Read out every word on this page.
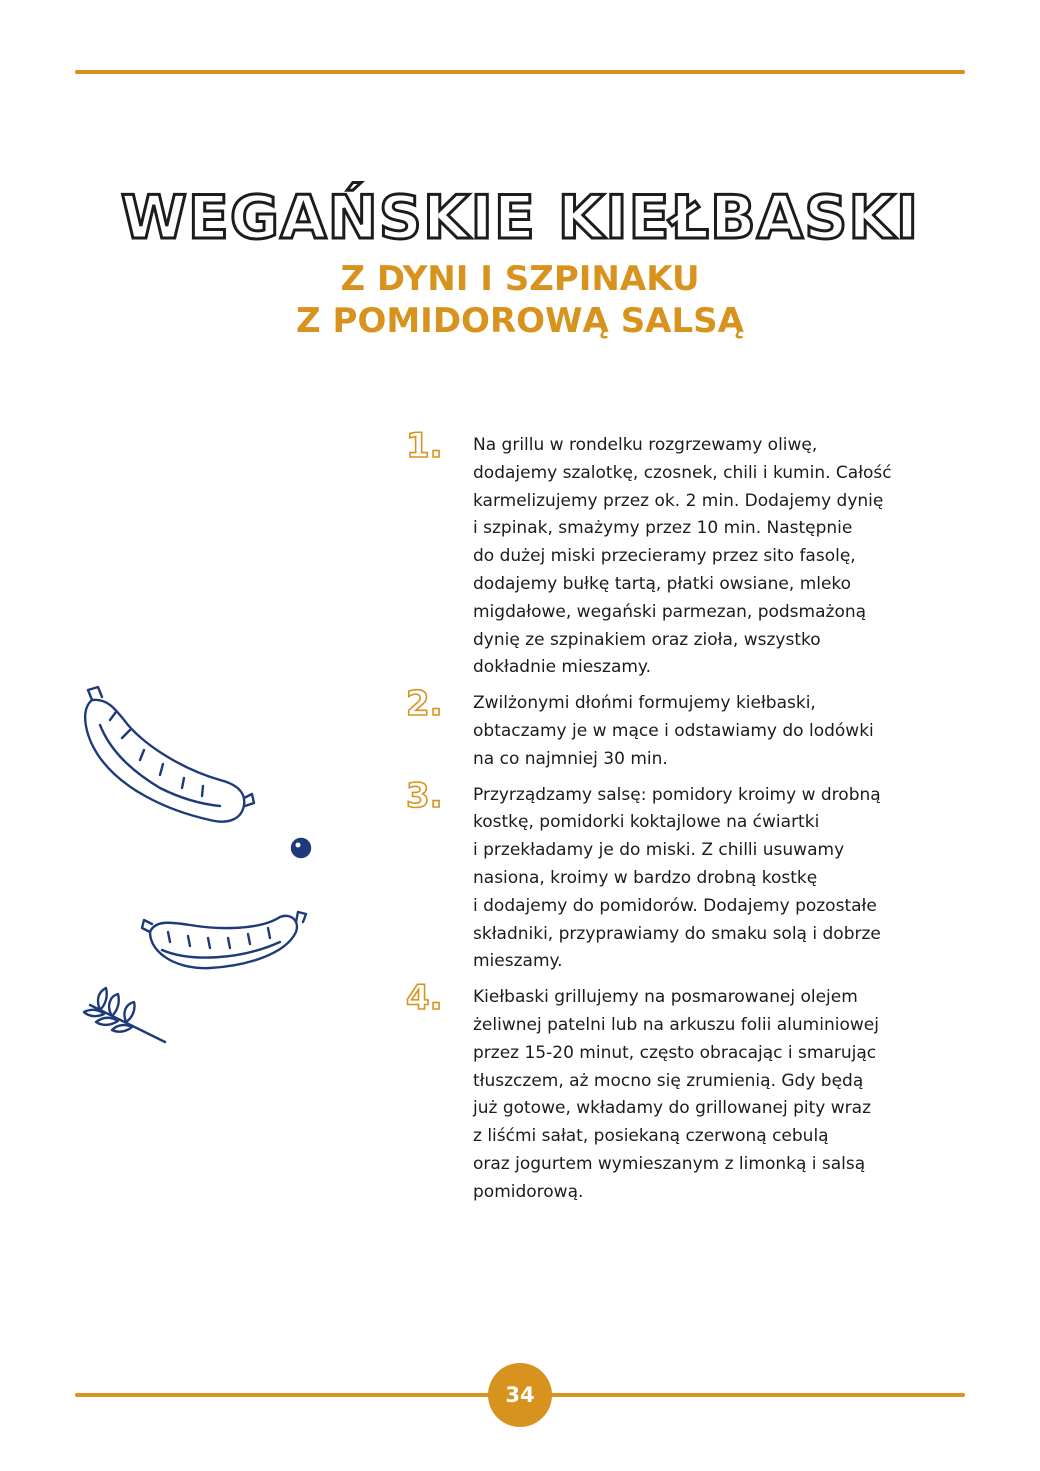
WEGAŃSKIE KIEŁBASKI
Z DYNI I SZPINAKU
Z POMIDOROWĄ SALSĄ
1. Na grillu w rondelku rozgrzewamy oliwę,
dodajemy szalotkę, czosnek, chili i kumin. Całość
karmelizujemy przez ok. 2 min. Dodajemy dynię
i szpinak, smażymy przez 10 min. Następnie
do dużej miski przecieramy przez sito fasolę,
dodajemy bułkę tartą, płatki owsiane, mleko
migdałowe, wegański parmezan, podsmażoną
dynię ze szpinakiem oraz zioła, wszystko
dokładnie mieszamy.
2. Zwilżonymi dłońmi formujemy kiełbaski,
obtaczamy je w mące i odstawiamy do lodówki
na co najmniej 30 min.
3. Przyrządzamy salsę: pomidory kroimy w drobną
kostkę, pomidorki koktajlowe na ćwiartki
i przekładamy je do miski. Z chilli usuwamy
nasiona, kroimy w bardzo drobną kostkę
i dodajemy do pomidorów. Dodajemy pozostałe
składniki, przyprawiamy do smaku solą i dobrze
mieszamy.
4. Kiełbaski grillujemy na posmarowanej olejem
żeliwnej patelni lub na arkuszu folii aluminiowej
przez 15-20 minut, często obracając i smarując
tłuszczem, aż mocno się zrumienią. Gdy będą
już gotowe, wkładamy do grillowanej pity wraz
z liśćmi sałat, posiekaną czerwoną cebulą
oraz jogurtem wymieszanym z limonką i salsą
pomidorową.
34
